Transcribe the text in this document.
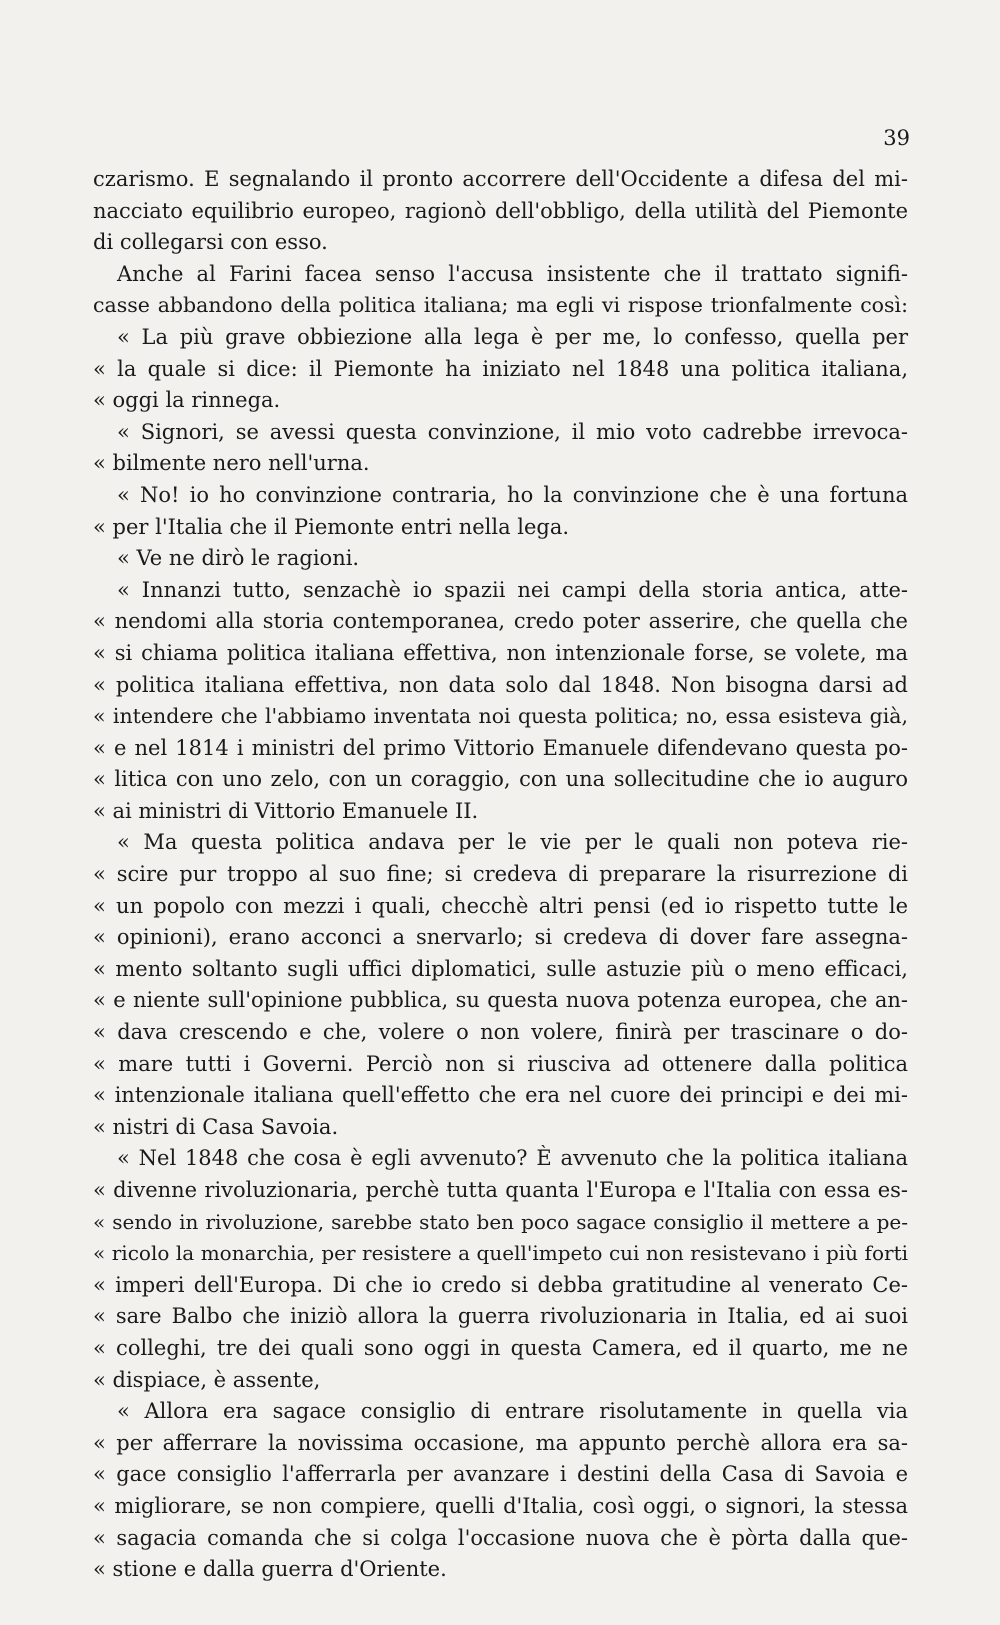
39
czarismo. E segnalando il pronto accorrere dell'Occidente a difesa del mi-
nacciato equilibrio europeo, ragionò dell'obbligo, della utilità del Piemonte
di collegarsi con esso.
Anche al Farini facea senso l'accusa insistente che il trattato signifi-
casse abbandono della politica italiana; ma egli vi rispose trionfalmente così:
« La più grave obbiezione alla lega è per me, lo confesso, quella per
« la quale si dice: il Piemonte ha iniziato nel 1848 una politica italiana,
« oggi la rinnega.
« Signori, se avessi questa convinzione, il mio voto cadrebbe irrevoca-
« bilmente nero nell'urna.
« No! io ho convinzione contraria, ho la convinzione che è una fortuna
« per l'Italia che il Piemonte entri nella lega.
« Ve ne dirò le ragioni.
« Innanzi tutto, senzachè io spazii nei campi della storia antica, atte-
« nendomi alla storia contemporanea, credo poter asserire, che quella che
« si chiama politica italiana effettiva, non intenzionale forse, se volete, ma
« politica italiana effettiva, non data solo dal 1848. Non bisogna darsi ad
« intendere che l'abbiamo inventata noi questa politica; no, essa esisteva già,
« e nel 1814 i ministri del primo Vittorio Emanuele difendevano questa po-
« litica con uno zelo, con un coraggio, con una sollecitudine che io auguro
« ai ministri di Vittorio Emanuele II.
« Ma questa politica andava per le vie per le quali non poteva rie-
« scire pur troppo al suo fine; si credeva di preparare la risurrezione di
« un popolo con mezzi i quali, checchè altri pensi (ed io rispetto tutte le
« opinioni), erano acconci a snervarlo; si credeva di dover fare assegna-
« mento soltanto sugli uffici diplomatici, sulle astuzie più o meno efficaci,
« e niente sull'opinione pubblica, su questa nuova potenza europea, che an-
« dava crescendo e che, volere o non volere, finirà per trascinare o do-
« mare tutti i Governi. Perciò non si riusciva ad ottenere dalla politica
« intenzionale italiana quell'effetto che era nel cuore dei principi e dei mi-
« nistri di Casa Savoia.
« Nel 1848 che cosa è egli avvenuto? È avvenuto che la politica italiana
« divenne rivoluzionaria, perchè tutta quanta l'Europa e l'Italia con essa es-
« sendo in rivoluzione, sarebbe stato ben poco sagace consiglio il mettere a pe-
« ricolo la monarchia, per resistere a quell'impeto cui non resistevano i più forti
« imperi dell'Europa. Di che io credo si debba gratitudine al venerato Ce-
« sare Balbo che iniziò allora la guerra rivoluzionaria in Italia, ed ai suoi
« colleghi, tre dei quali sono oggi in questa Camera, ed il quarto, me ne
« dispiace, è assente,
« Allora era sagace consiglio di entrare risolutamente in quella via
« per afferrare la novissima occasione, ma appunto perchè allora era sa-
« gace consiglio l'afferrarla per avanzare i destini della Casa di Savoia e
« migliorare, se non compiere, quelli d'Italia, così oggi, o signori, la stessa
« sagacia comanda che si colga l'occasione nuova che è pòrta dalla que-
« stione e dalla guerra d'Oriente.
